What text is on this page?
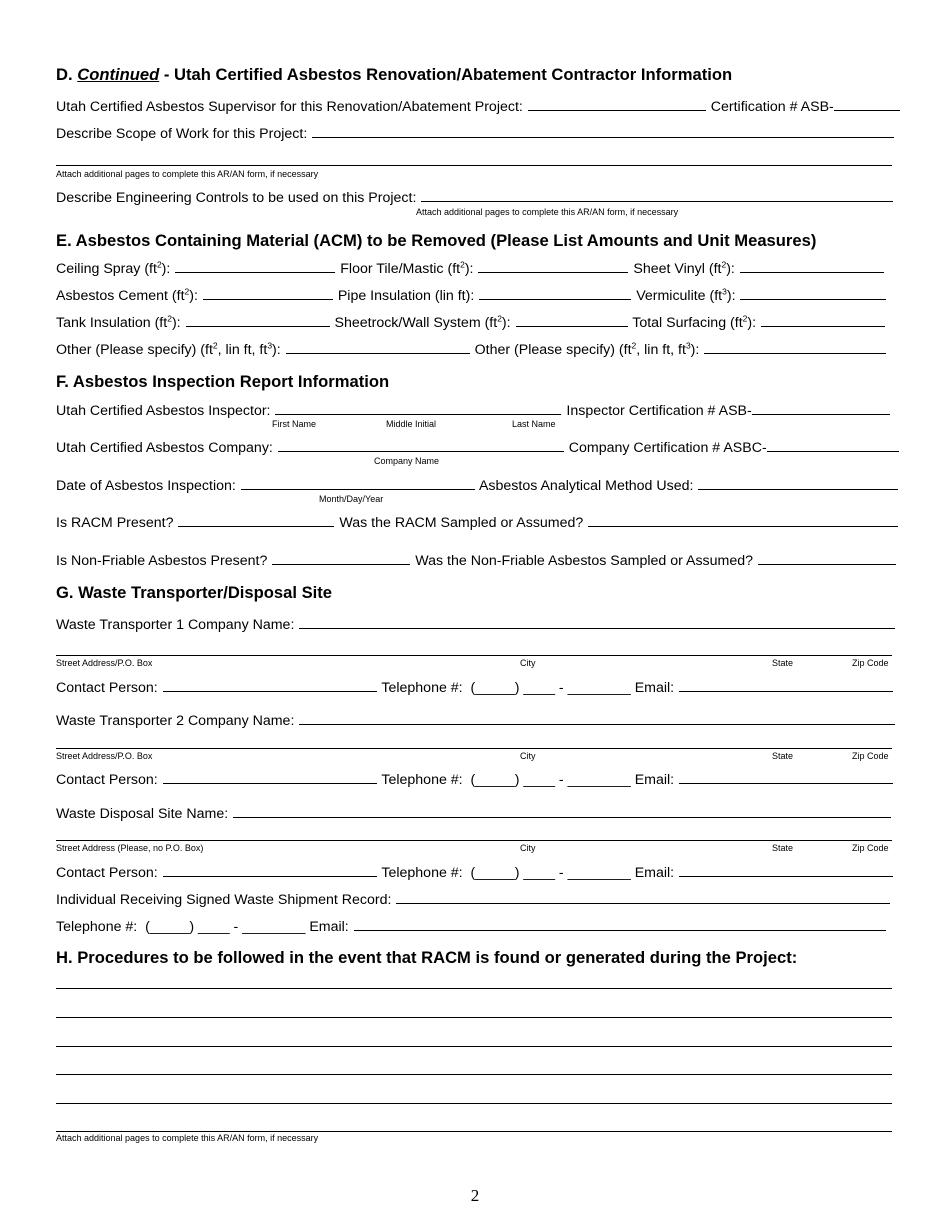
D. Continued - Utah Certified Asbestos Renovation/Abatement Contractor Information
Utah Certified Asbestos Supervisor for this Renovation/Abatement Project:	Certification # ASB-
Describe Scope of Work for this Project:
Attach additional pages to complete this AR/AN form, if necessary
Describe Engineering Controls to be used on this Project:
Attach additional pages to complete this AR/AN form, if necessary
E. Asbestos Containing Material (ACM) to be Removed (Please List Amounts and Unit Measures)
Ceiling Spray $(ft^2)$:	Floor Tile/Mastic $(ft^2)$:	Sheet Vinyl $(ft^2)$:
Asbestos Cement $(ft^2)$:	Pipe Insulation (lin ft):	Vermiculite $(ft^3)$:
Tank Insulation $(ft^2)$:	Sheetrock/Wall System $(ft^2)$:	Total Surfacing $(ft^2)$:
Other (Please specify) ($ft^2$, lin ft, $ft^3$):	Other (Please specify) ($ft^2$, lin ft, $ft^3$):
F. Asbestos Inspection Report Information
Utah Certified Asbestos Inspector:	Inspector Certification # ASB-
First Name	Middle Initial	Last Name
Utah Certified Asbestos Company:	Company Certification # ASBC-
Company Name
Date of Asbestos Inspection:	Asbestos Analytical Method Used:
Month/Day/Year
Is RACM Present?	Was the RACM Sampled or Assumed?
Is Non-Friable Asbestos Present?	Was the Non-Friable Asbestos Sampled or Assumed?
G. Waste Transporter/Disposal Site
Waste Transporter 1 Company Name:
Street Address/P.O. Box	City	State	Zip Code
Contact Person:	Telephone #: (_____) ____ - ________ Email:
Waste Transporter 2 Company Name:
Street Address/P.O. Box	City	State	Zip Code
Contact Person:	Telephone #: (_____) ____ - ________ Email:
Waste Disposal Site Name:
Street Address (Please, no P.O. Box)	City	State	Zip Code
Contact Person:	Telephone #: (_____) ____ - ________ Email:
Individual Receiving Signed Waste Shipment Record:
Telephone #: (_____) ____ - ________ Email:
H. Procedures to be followed in the event that RACM is found or generated during the Project:
Attach additional pages to complete this AR/AN form, if necessary
2
